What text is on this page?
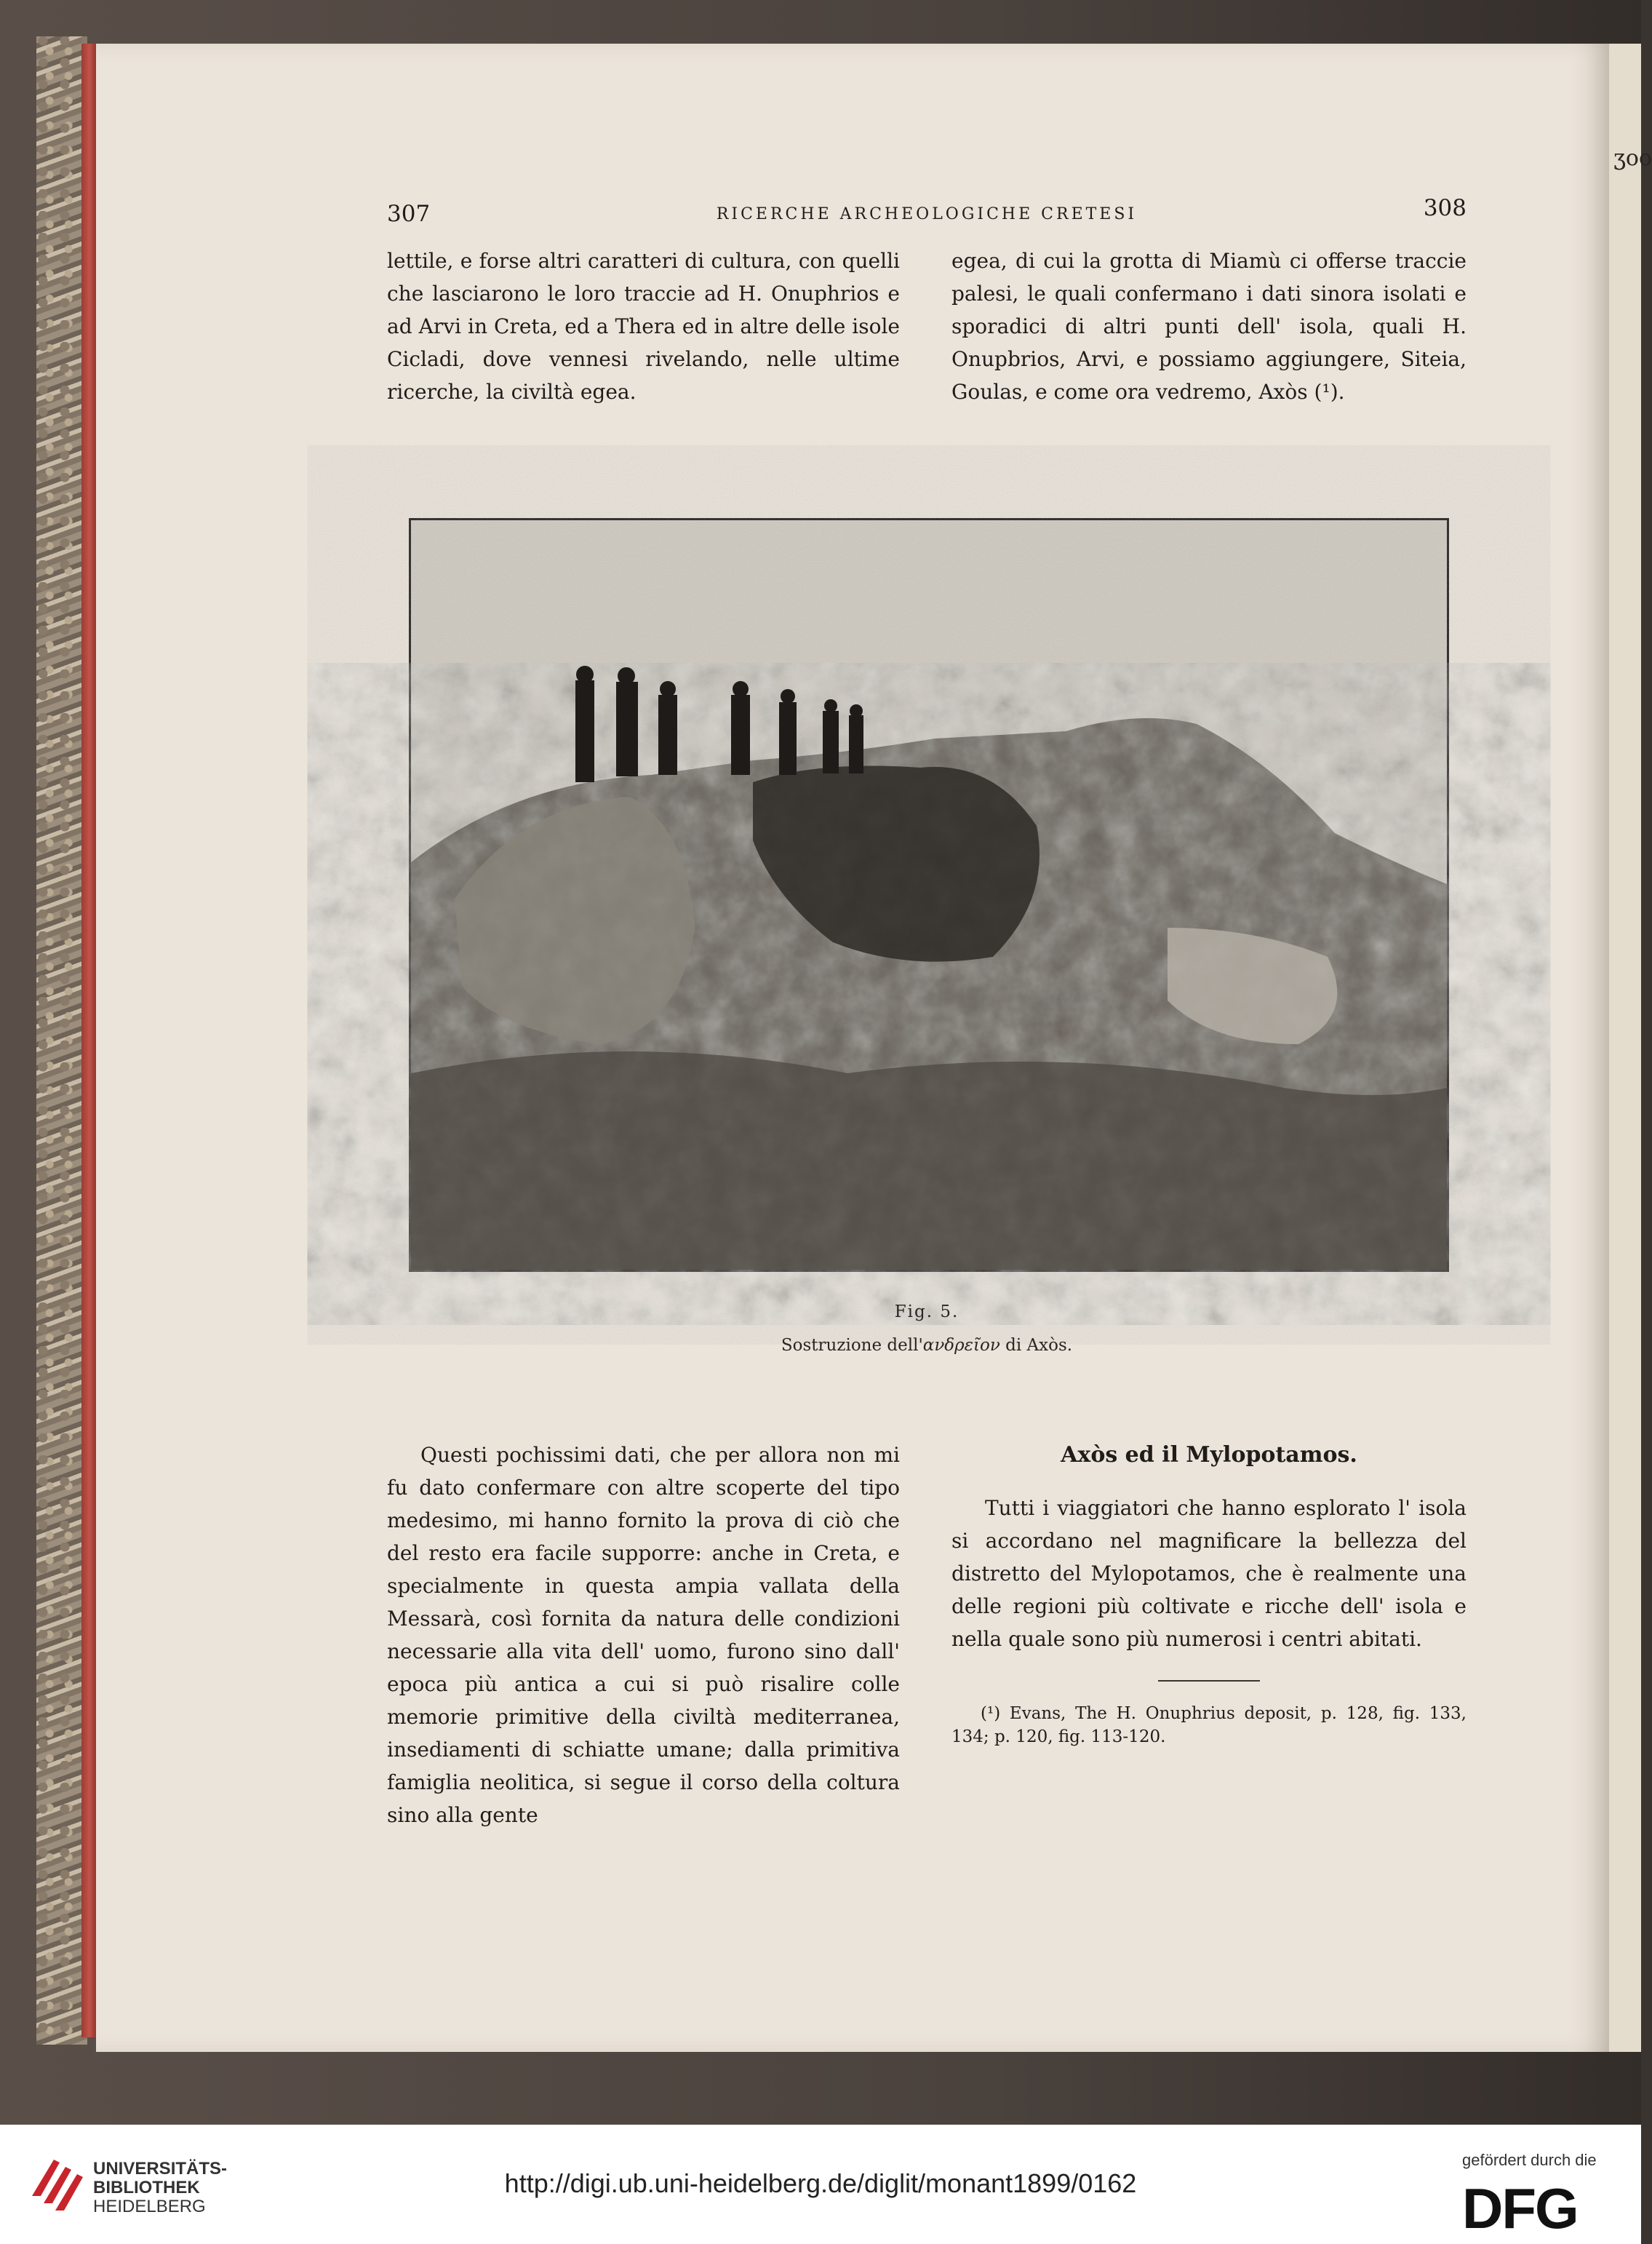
ʒoo
307	RICERCHE ARCHEOLOGICHE CRETESI	308

lettile, e forse altri caratteri di cultura, con quelli che lasciarono le loro traccie ad H. Onuphrios e ad Arvi in Creta, ed a Thera ed in altre delle isole Cicladi, dove vennesi rivelando, nelle ultime ricerche, la civiltà egea.

egea, di cui la grotta di Miamù ci offerse traccie palesi, le quali confermano i dati sinora isolati e sporadici di altri punti dell' isola, quali H. Onupbrios, Arvi, e possiamo aggiungere, Siteia, Goulas, e come ora vedremo, Axòs (¹).

Fig. 5.
Sostruzione dell'ανδρεῖον di Axòs.

Questi pochissimi dati, che per allora non mi fu dato confermare con altre scoperte del tipo medesimo, mi hanno fornito la prova di ciò che del resto era facile supporre: anche in Creta, e specialmente in questa ampia vallata della Messarà, così fornita da natura delle condizioni necessarie alla vita dell' uomo, furono sino dall' epoca più antica a cui si può risalire colle memorie primitive della civiltà mediterranea, insediamenti di schiatte umane; dalla primitiva famiglia neolitica, si segue il corso della coltura sino alla gente

Axòs ed il Mylopotamos.

Tutti i viaggiatori che hanno esplorato l' isola si accordano nel magnificare la bellezza del distretto del Mylopotamos, che è realmente una delle regioni più coltivate e ricche dell' isola e nella quale sono più numerosi i centri abitati.

(¹) Evans, The H. Onuphrius deposit, p. 128, fig. 133, 134; p. 120, fig. 113-120.

UNIVERSITÄTS-
BIBLIOTHEK
HEIDELBERG
http://digi.ub.uni-heidelberg.de/diglit/monant1899/0162
gefördert durch die
DFG
